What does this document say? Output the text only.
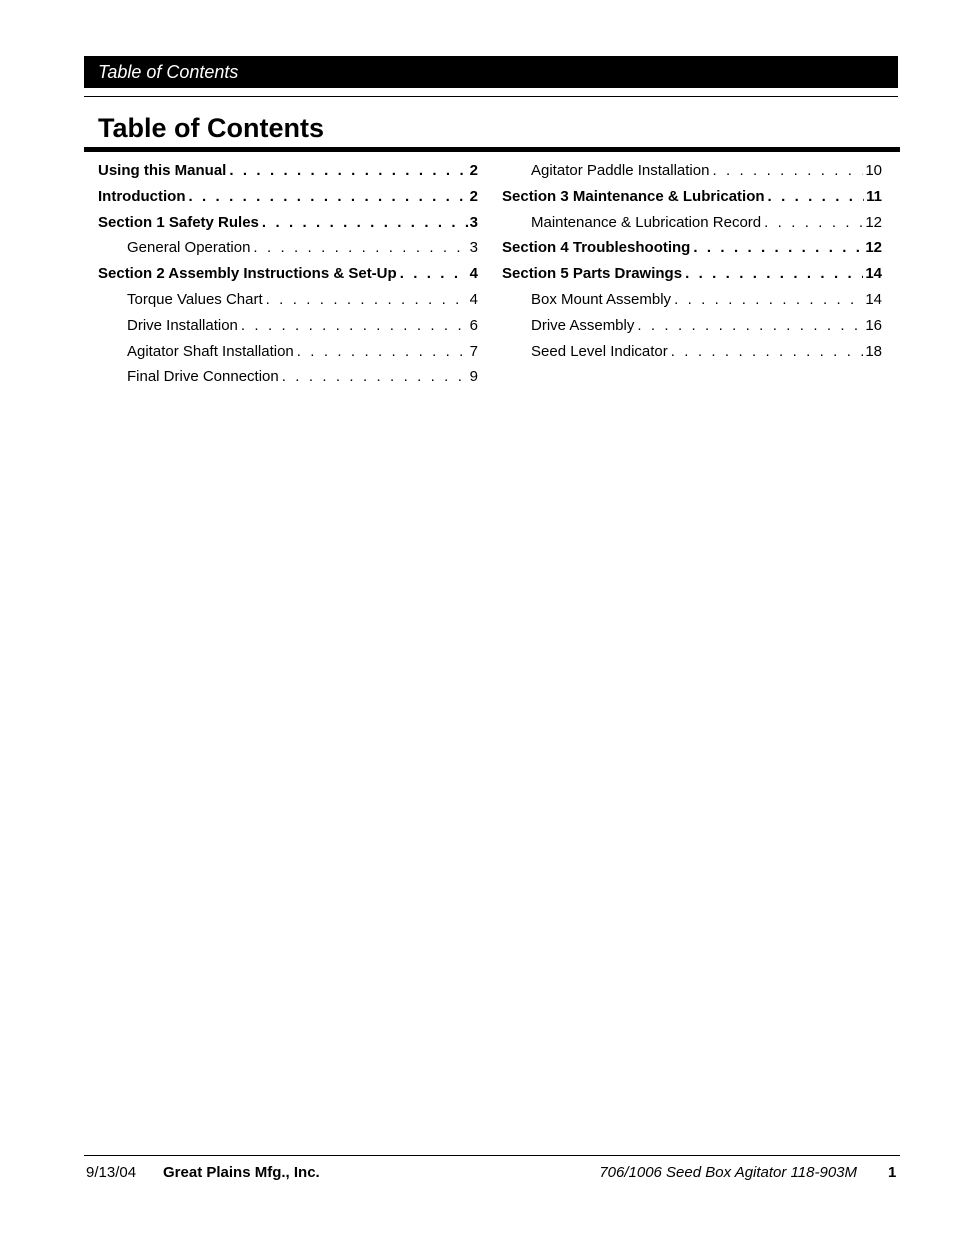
Table of Contents
Table of Contents
Using this Manual . . .	2
Introduction . . .	2
Section 1 Safety Rules . . .	3
General Operation . . .	3
Section 2 Assembly Instructions & Set-Up . . .	4
Torque Values Chart . . .	4
Drive Installation . . .	6
Agitator Shaft Installation . . .	7
Final Drive Connection . . .	9
Agitator Paddle Installation . . .	10
Section 3 Maintenance & Lubrication . . .	11
Maintenance & Lubrication Record . . .	12
Section 4 Troubleshooting . . .	12
Section 5 Parts Drawings . . .	14
Box Mount Assembly . . .	14
Drive Assembly . . .	16
Seed Level Indicator . . .	18
9/13/04 Great Plains Mfg., Inc.	706/1006 Seed Box Agitator 118-903M 1
